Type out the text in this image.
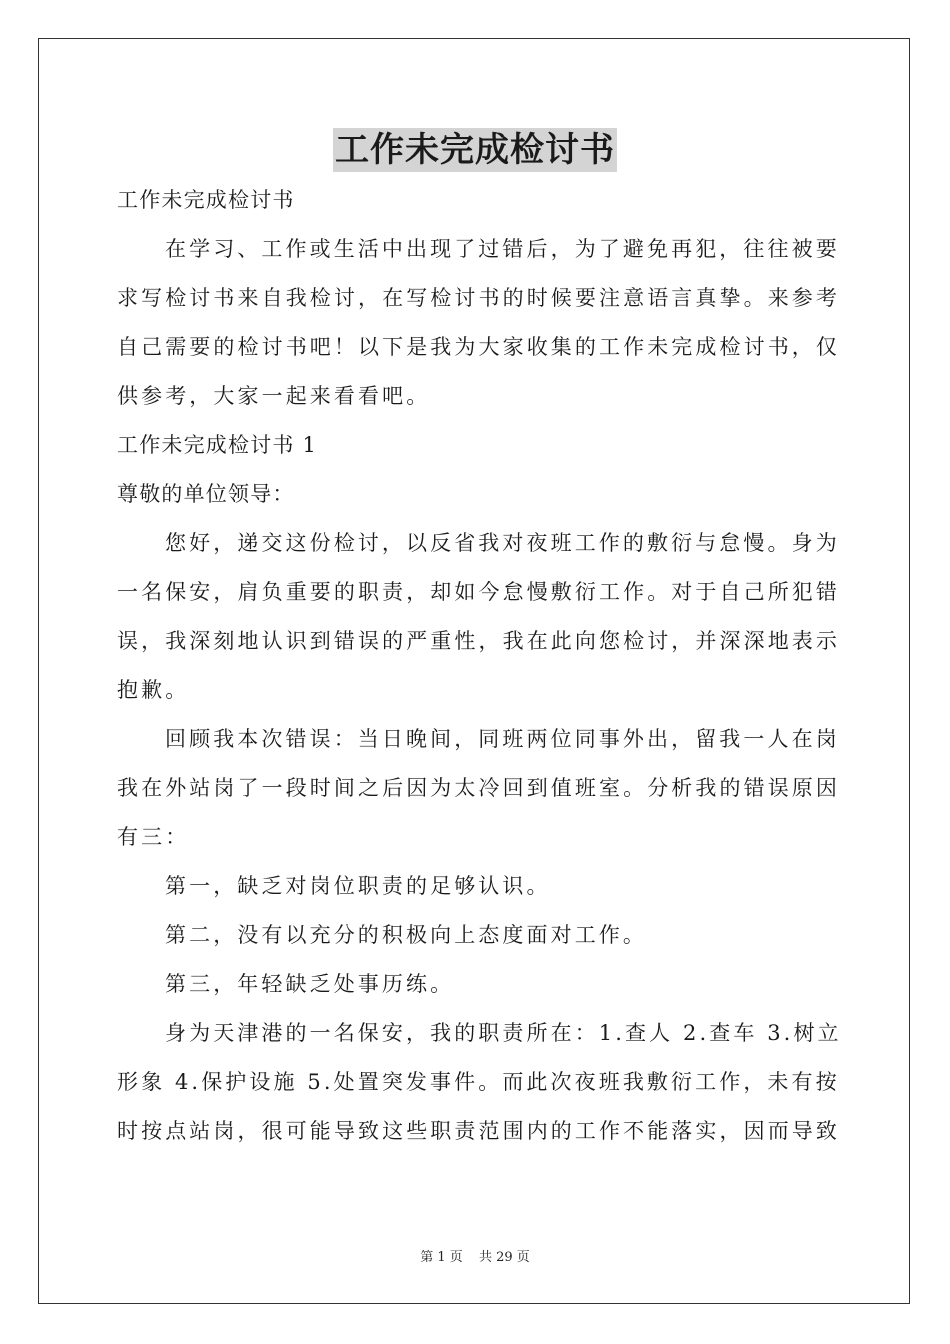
工作未完成检讨书
工作未完成检讨书
在学习、工作或生活中出现了过错后，为了避免再犯，往往被要
求写检讨书来自我检讨，在写检讨书的时候要注意语言真挚。来参考
自己需要的检讨书吧！以下是我为大家收集的工作未完成检讨书，仅
供参考，大家一起来看看吧。
工作未完成检讨书 1
尊敬的单位领导：
您好，递交这份检讨，以反省我对夜班工作的敷衍与怠慢。身为
一名保安，肩负重要的职责，却如今怠慢敷衍工作。对于自己所犯错
误，我深刻地认识到错误的严重性，我在此向您检讨，并深深地表示
抱歉。
回顾我本次错误：当日晚间，同班两位同事外出，留我一人在岗
我在外站岗了一段时间之后因为太冷回到值班室。分析我的错误原因
有三：
第一，缺乏对岗位职责的足够认识。
第二，没有以充分的积极向上态度面对工作。
第三，年轻缺乏处事历练。
身为天津港的一名保安，我的职责所在：1.查人 2.查车 3.树立
形象 4.保护设施 5.处置突发事件。而此次夜班我敷衍工作，未有按
时按点站岗，很可能导致这些职责范围内的工作不能落实，因而导致
第 1 页 共 29 页
